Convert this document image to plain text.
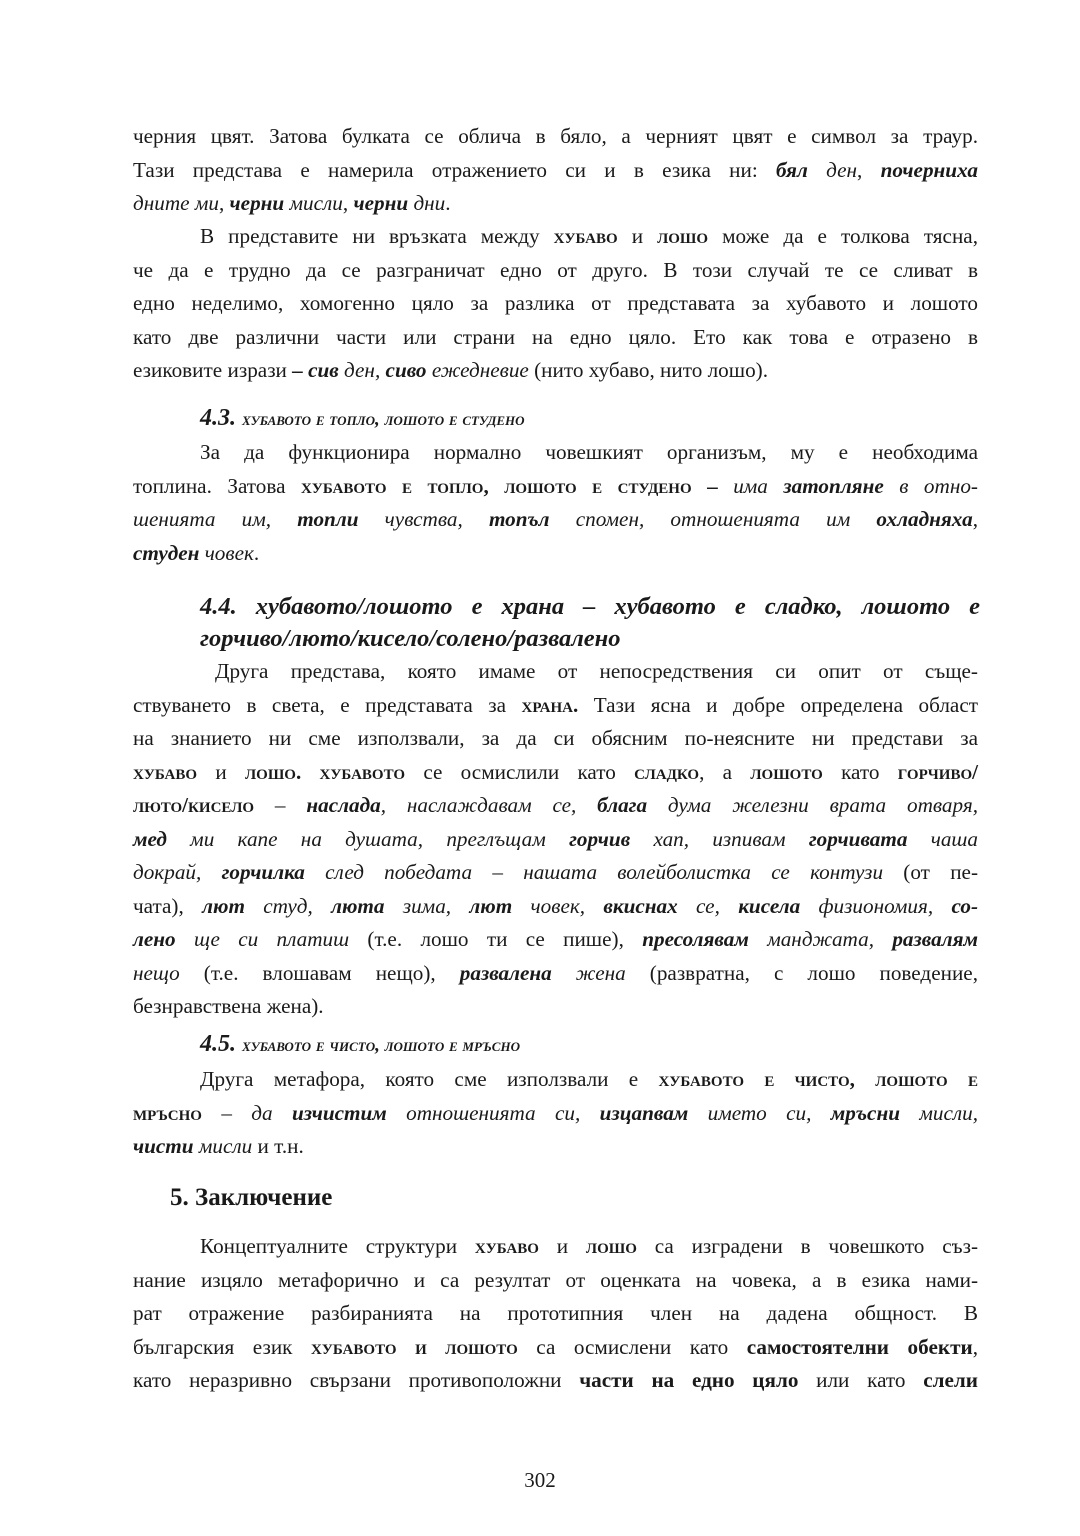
черния цвят. Затова булката се облича в бяло, а черният цвят е символ за траур.
Тази представа е намерила отражението си и в езика ни: бял ден, почерниха
дните ми, черни мисли, черни дни.
В представите ни връзката между хубаво и лошо може да е толкова тясна,
че да е трудно да се разграничат едно от друго. В този случай те се сливат в
едно неделимо, хомогенно цяло за разлика от представата за хубавото и лошото
като две различни части или страни на едно цяло. Ето как това е отразено в
езиковите изрази – сив ден, сиво ежедневие (нито хубаво, нито лошо).
4.3. хубавото е топло, лошото е студено
За да функционира нормално човешкият организъм, му е необходима
топлина. Затова хубавото е топло, лошото е студено – има затопляне в отно-
шенията им, топли чувства, топъл спомен, отношенията им охладняха,
студен човек.
4.4. хубавото/лошото е храна – хубавото е сладко, лошото е
горчиво/люто/кисело/солено/развалено
Друга представа, която имаме от непосредствения си опит от съще-
ствуването в света, е представата за храна. Тази ясна и добре определена област
на знанието ни сме използвали, за да си обясним по-неясните ни представи за
хубаво и лошо. хубавото се осмислили като сладко, а лошото като горчиво/
люто/кисело – наслада, наслаждавам се, блага дума железни врата отваря,
мед ми капе на душата, преглъщам горчив хап, изпивам горчивата чаша
докрай, горчилка след победата – нашата волейболистка се контузи (от пе-
чата), лют студ, люта зима, лют човек, вкиснах се, кисела физиономия, со-
лено ще си платиш (т.е. лошо ти се пише), пресолявам манджата, развалям
нещо (т.е. влошавам нещо), развалена жена (развратна, с лошо поведение,
безнравствена жена).
4.5. хубавото е чисто, лошото е мръсно
Друга метафора, която сме използвали е хубавото е чисто, лошото е
мръсно – да изчистим отношенията си, изцапвам името си, мръсни мисли,
чисти мисли и т.н.
5. Заключение
Концептуалните структури хубаво и лошо са изградени в човешкото съз-
нание изцяло метафорично и са резултат от оценката на човека, а в езика нами-
рат отражение разбиранията на прототипния член на дадена общност. В
българския език хубавото и лошото са осмислени като самостоятелни обекти,
като неразривно свързани противоположни части на едно цяло или като слели
302
